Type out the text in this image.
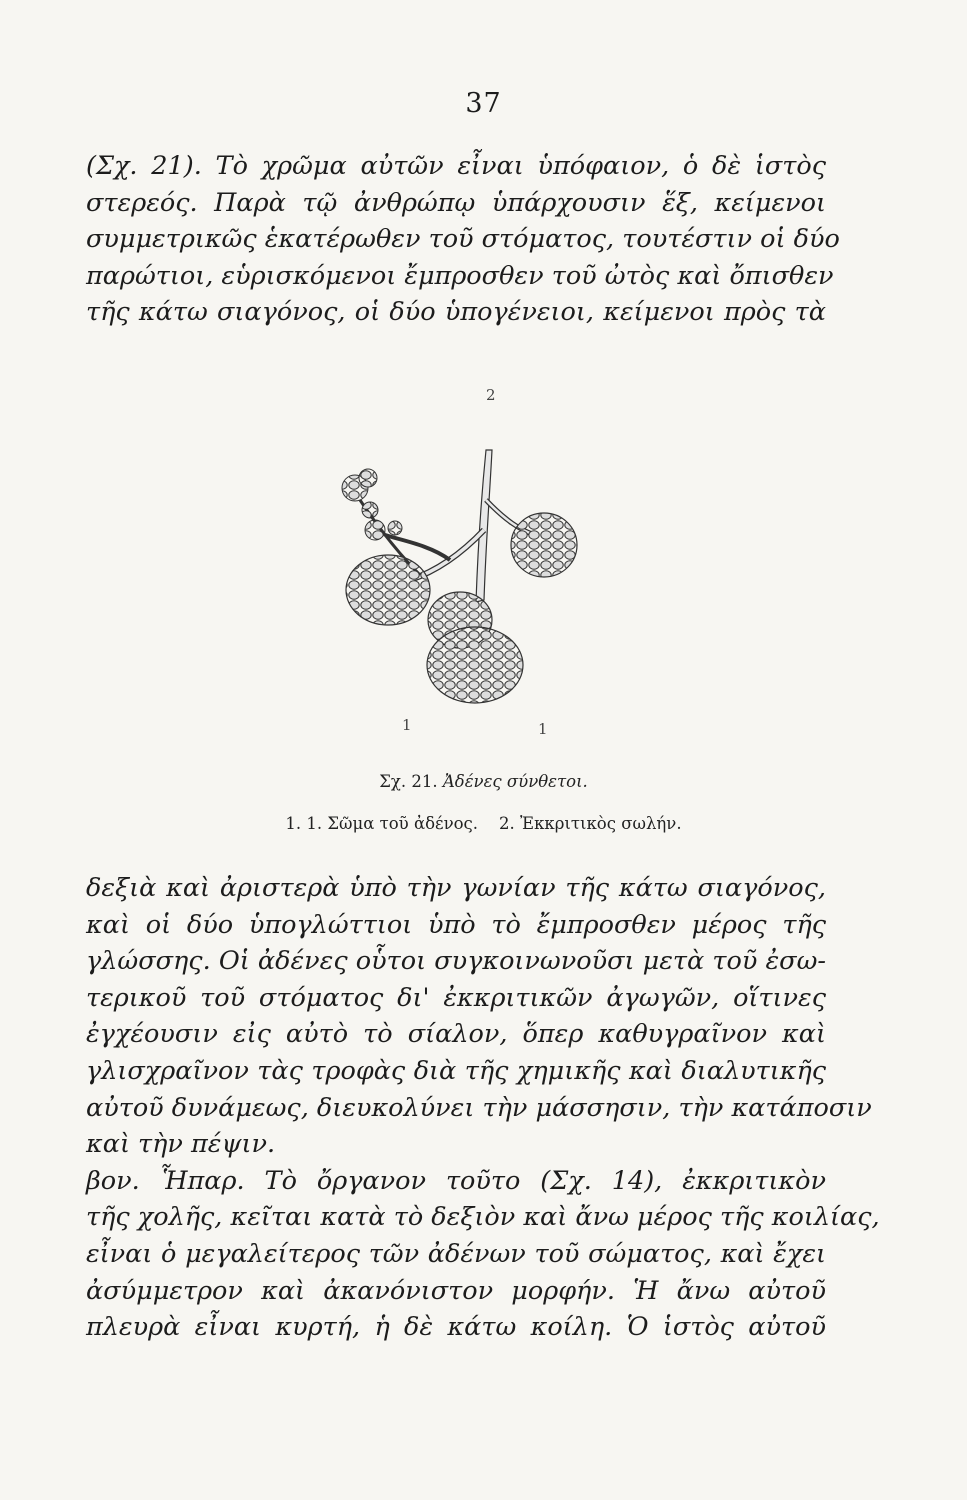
37
(Σχ. 21). Τὸ χρῶμα αὐτῶν εἶναι ὑπόφαιον, ὁ δὲ ἱστὸς
στερεός. Παρὰ τῷ ἀνθρώπῳ ὑπάρχουσιν ἕξ, κείμενοι
συμμετρικῶς ἑκατέρωθεν τοῦ στόματος, τουτέστιν οἱ δύο
παρώτιοι, εὑρισκόμενοι ἔμπροσθεν τοῦ ὠτὸς καὶ ὄπισθεν
τῆς κάτω σιαγόνος, οἱ δύο ὑπογένειοι, κείμενοι πρὸς τὰ
2
1	1
Σχ. 21. Ἀδένες σύνθετοι.
1. 1. Σῶμα τοῦ ἀδένος. 2. Ἐκκριτικὸς σωλήν.
δεξιὰ καὶ ἀριστερὰ ὑπὸ τὴν γωνίαν τῆς κάτω σιαγόνος,
καὶ οἱ δύο ὑπογλώττιοι ὑπὸ τὸ ἔμπροσθεν μέρος τῆς
γλώσσης. Οἱ ἀδένες οὗτοι συγκοινωνοῦσι μετὰ τοῦ ἐσω-
τερικοῦ τοῦ στόματος δι' ἐκκριτικῶν ἀγωγῶν, οἵτινες
ἐγχέουσιν εἰς αὐτὸ τὸ σίαλον, ὅπερ καθυγραῖνον καὶ
γλισχραῖνον τὰς τροφὰς διὰ τῆς χημικῆς καὶ διαλυτικῆς
αὐτοῦ δυνάμεως, διευκολύνει τὴν μάσσησιν, τὴν κατάποσιν
καὶ τὴν πέψιν.
βον. Ἧπαρ. Τὸ ὄργανον τοῦτο (Σχ. 14), ἐκκριτικὸν
τῆς χολῆς, κεῖται κατὰ τὸ δεξιὸν καὶ ἄνω μέρος τῆς κοιλίας,
εἶναι ὁ μεγαλείτερος τῶν ἀδένων τοῦ σώματος, καὶ ἔχει
ἀσύμμετρον καὶ ἀκανόνιστον μορφήν. Ἡ ἄνω αὐτοῦ
πλευρὰ εἶναι κυρτή, ἡ δὲ κάτω κοίλη. Ὁ ἱστὸς αὐτοῦ
